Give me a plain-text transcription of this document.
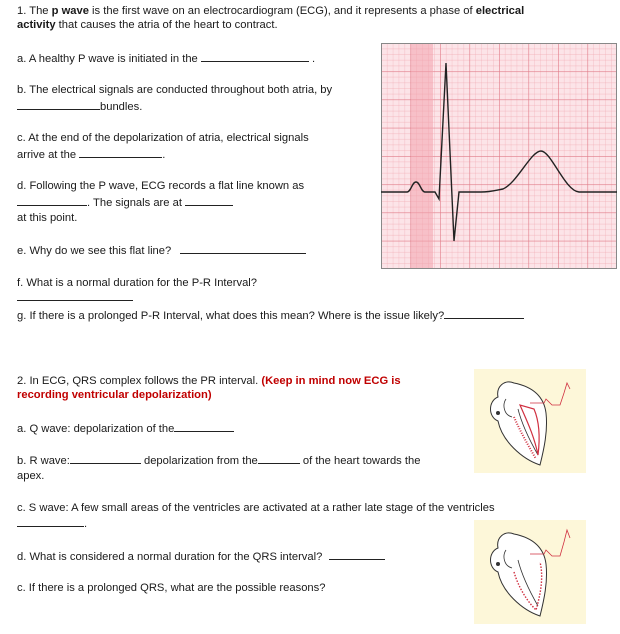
1. The p wave is the first wave on an electrocardiogram (ECG), and it represents a phase of electrical
activity that causes the atria of the heart to contract.
a. A healthy P wave is initiated in the	.
b. The electrical signals are conducted throughout both atria, by
bundles.
c. At the end of the depolarization of atria, electrical signals
arrive at the	.
d. Following the P wave, ECG records a flat line known as
. The signals are at
at this point.
e. Why do we see this flat line?
f. What is a normal duration for the P-R Interval?
g. If there is a prolonged P-R Interval, what does this mean? Where is the issue likely?
2. In ECG, QRS complex follows the PR interval. (Keep in mind now ECG is
recording ventricular depolarization)
a. Q wave: depolarization of the
b. R wave:	depolarization from the	of the heart towards the
apex.
c. S wave: A few small areas of the ventricles are activated at a rather late stage of the ventricles
.
d. What is considered a normal duration for the QRS interval?
c. If there is a prolonged QRS, what are the possible reasons?
